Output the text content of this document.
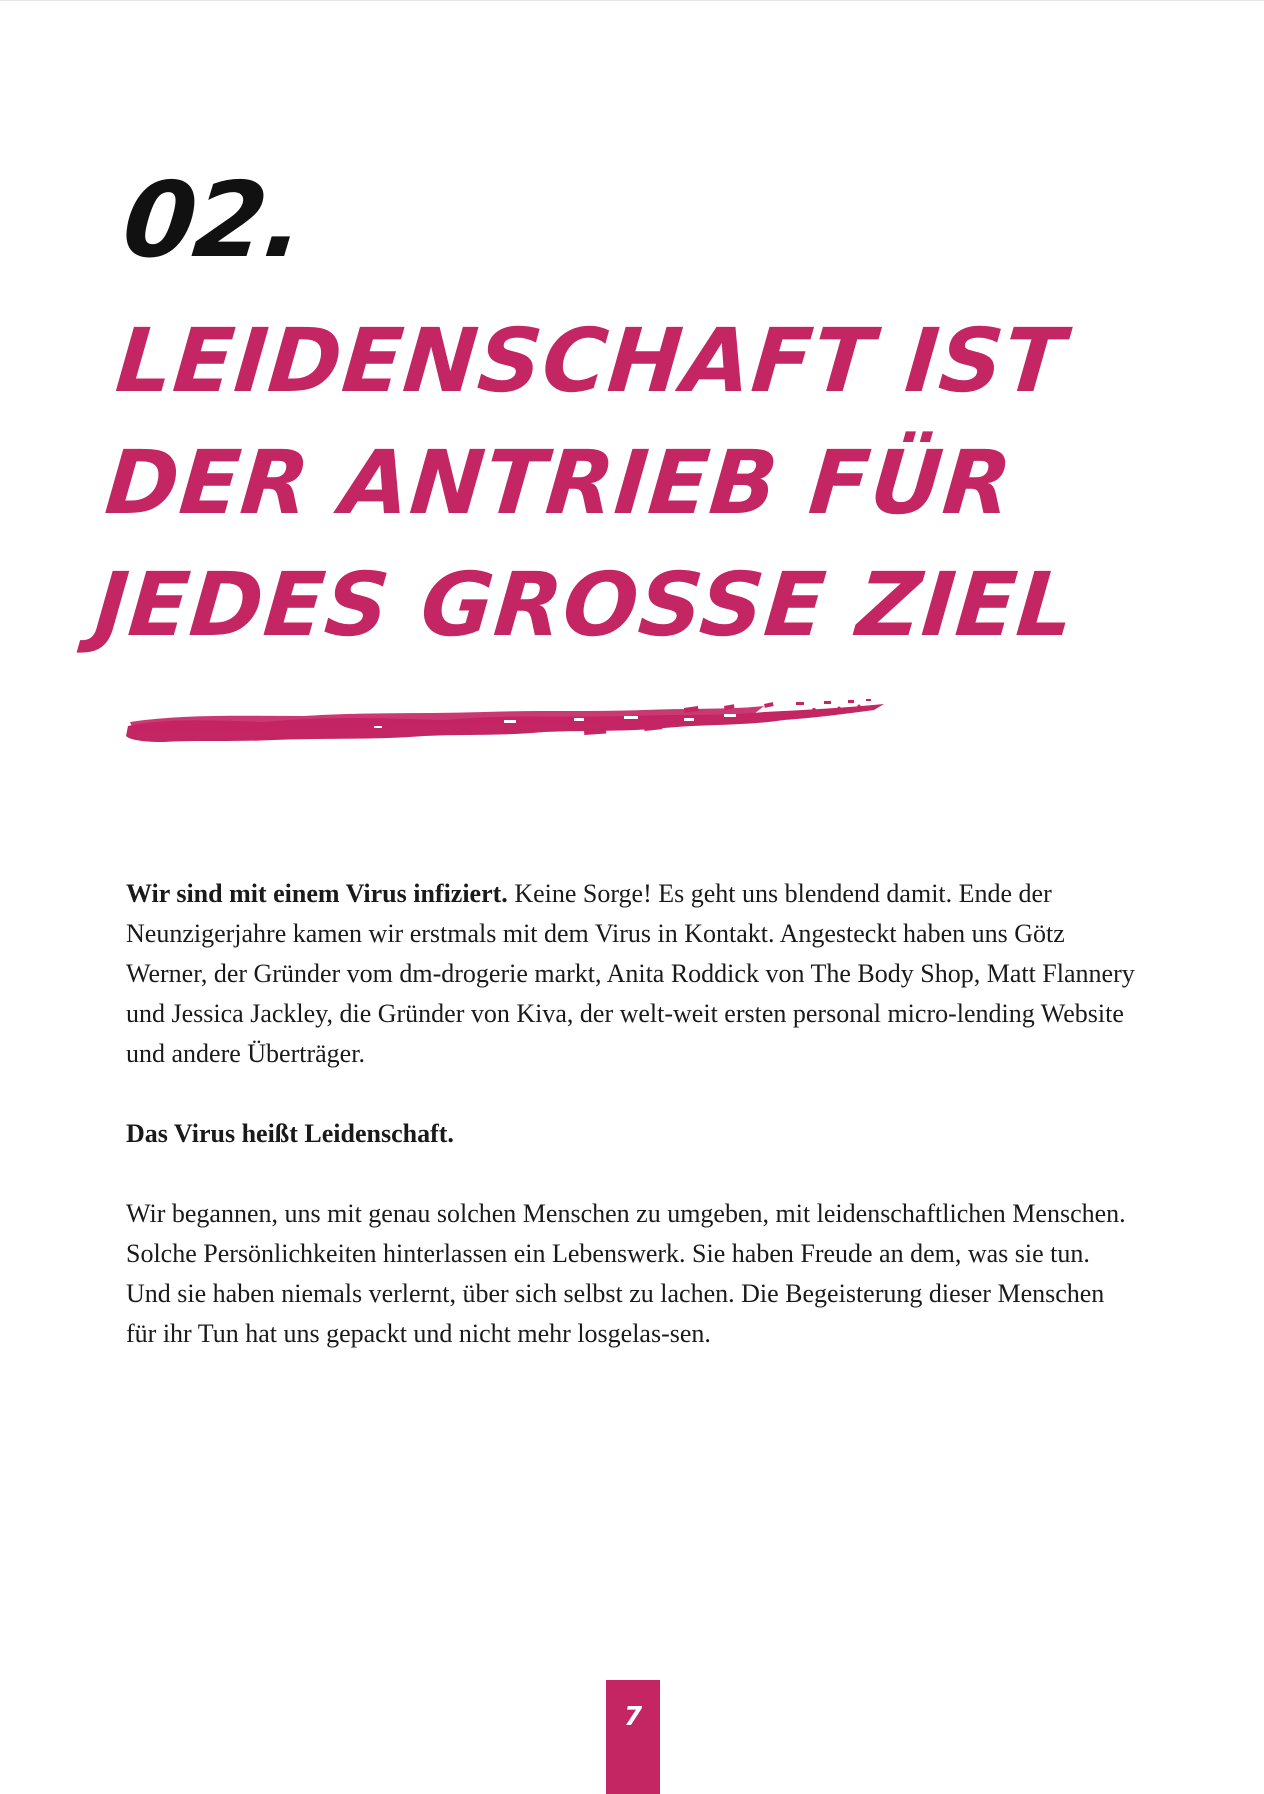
02.
LEIDENSCHAFT IST
DER ANTRIEB FÜR
JEDES GROSSE ZIEL

Wir sind mit einem Virus infiziert. Keine Sorge! Es geht uns blendend damit. Ende der Neunzigerjahre kamen wir erstmals mit dem Virus in Kontakt. Angesteckt haben uns Götz Werner, der Gründer vom dm-drogerie markt, Anita Roddick von The Body Shop, Matt Flannery und Jessica Jackley, die Gründer von Kiva, der welt-weit ersten personal micro-lending Website und andere Überträger.

Das Virus heißt Leidenschaft.

Wir begannen, uns mit genau solchen Menschen zu umgeben, mit leidenschaftlichen Menschen. Solche Persönlichkeiten hinterlassen ein Lebenswerk. Sie haben Freude an dem, was sie tun. Und sie haben niemals verlernt, über sich selbst zu lachen. Die Begeisterung dieser Menschen für ihr Tun hat uns gepackt und nicht mehr losgelas-sen.

7
